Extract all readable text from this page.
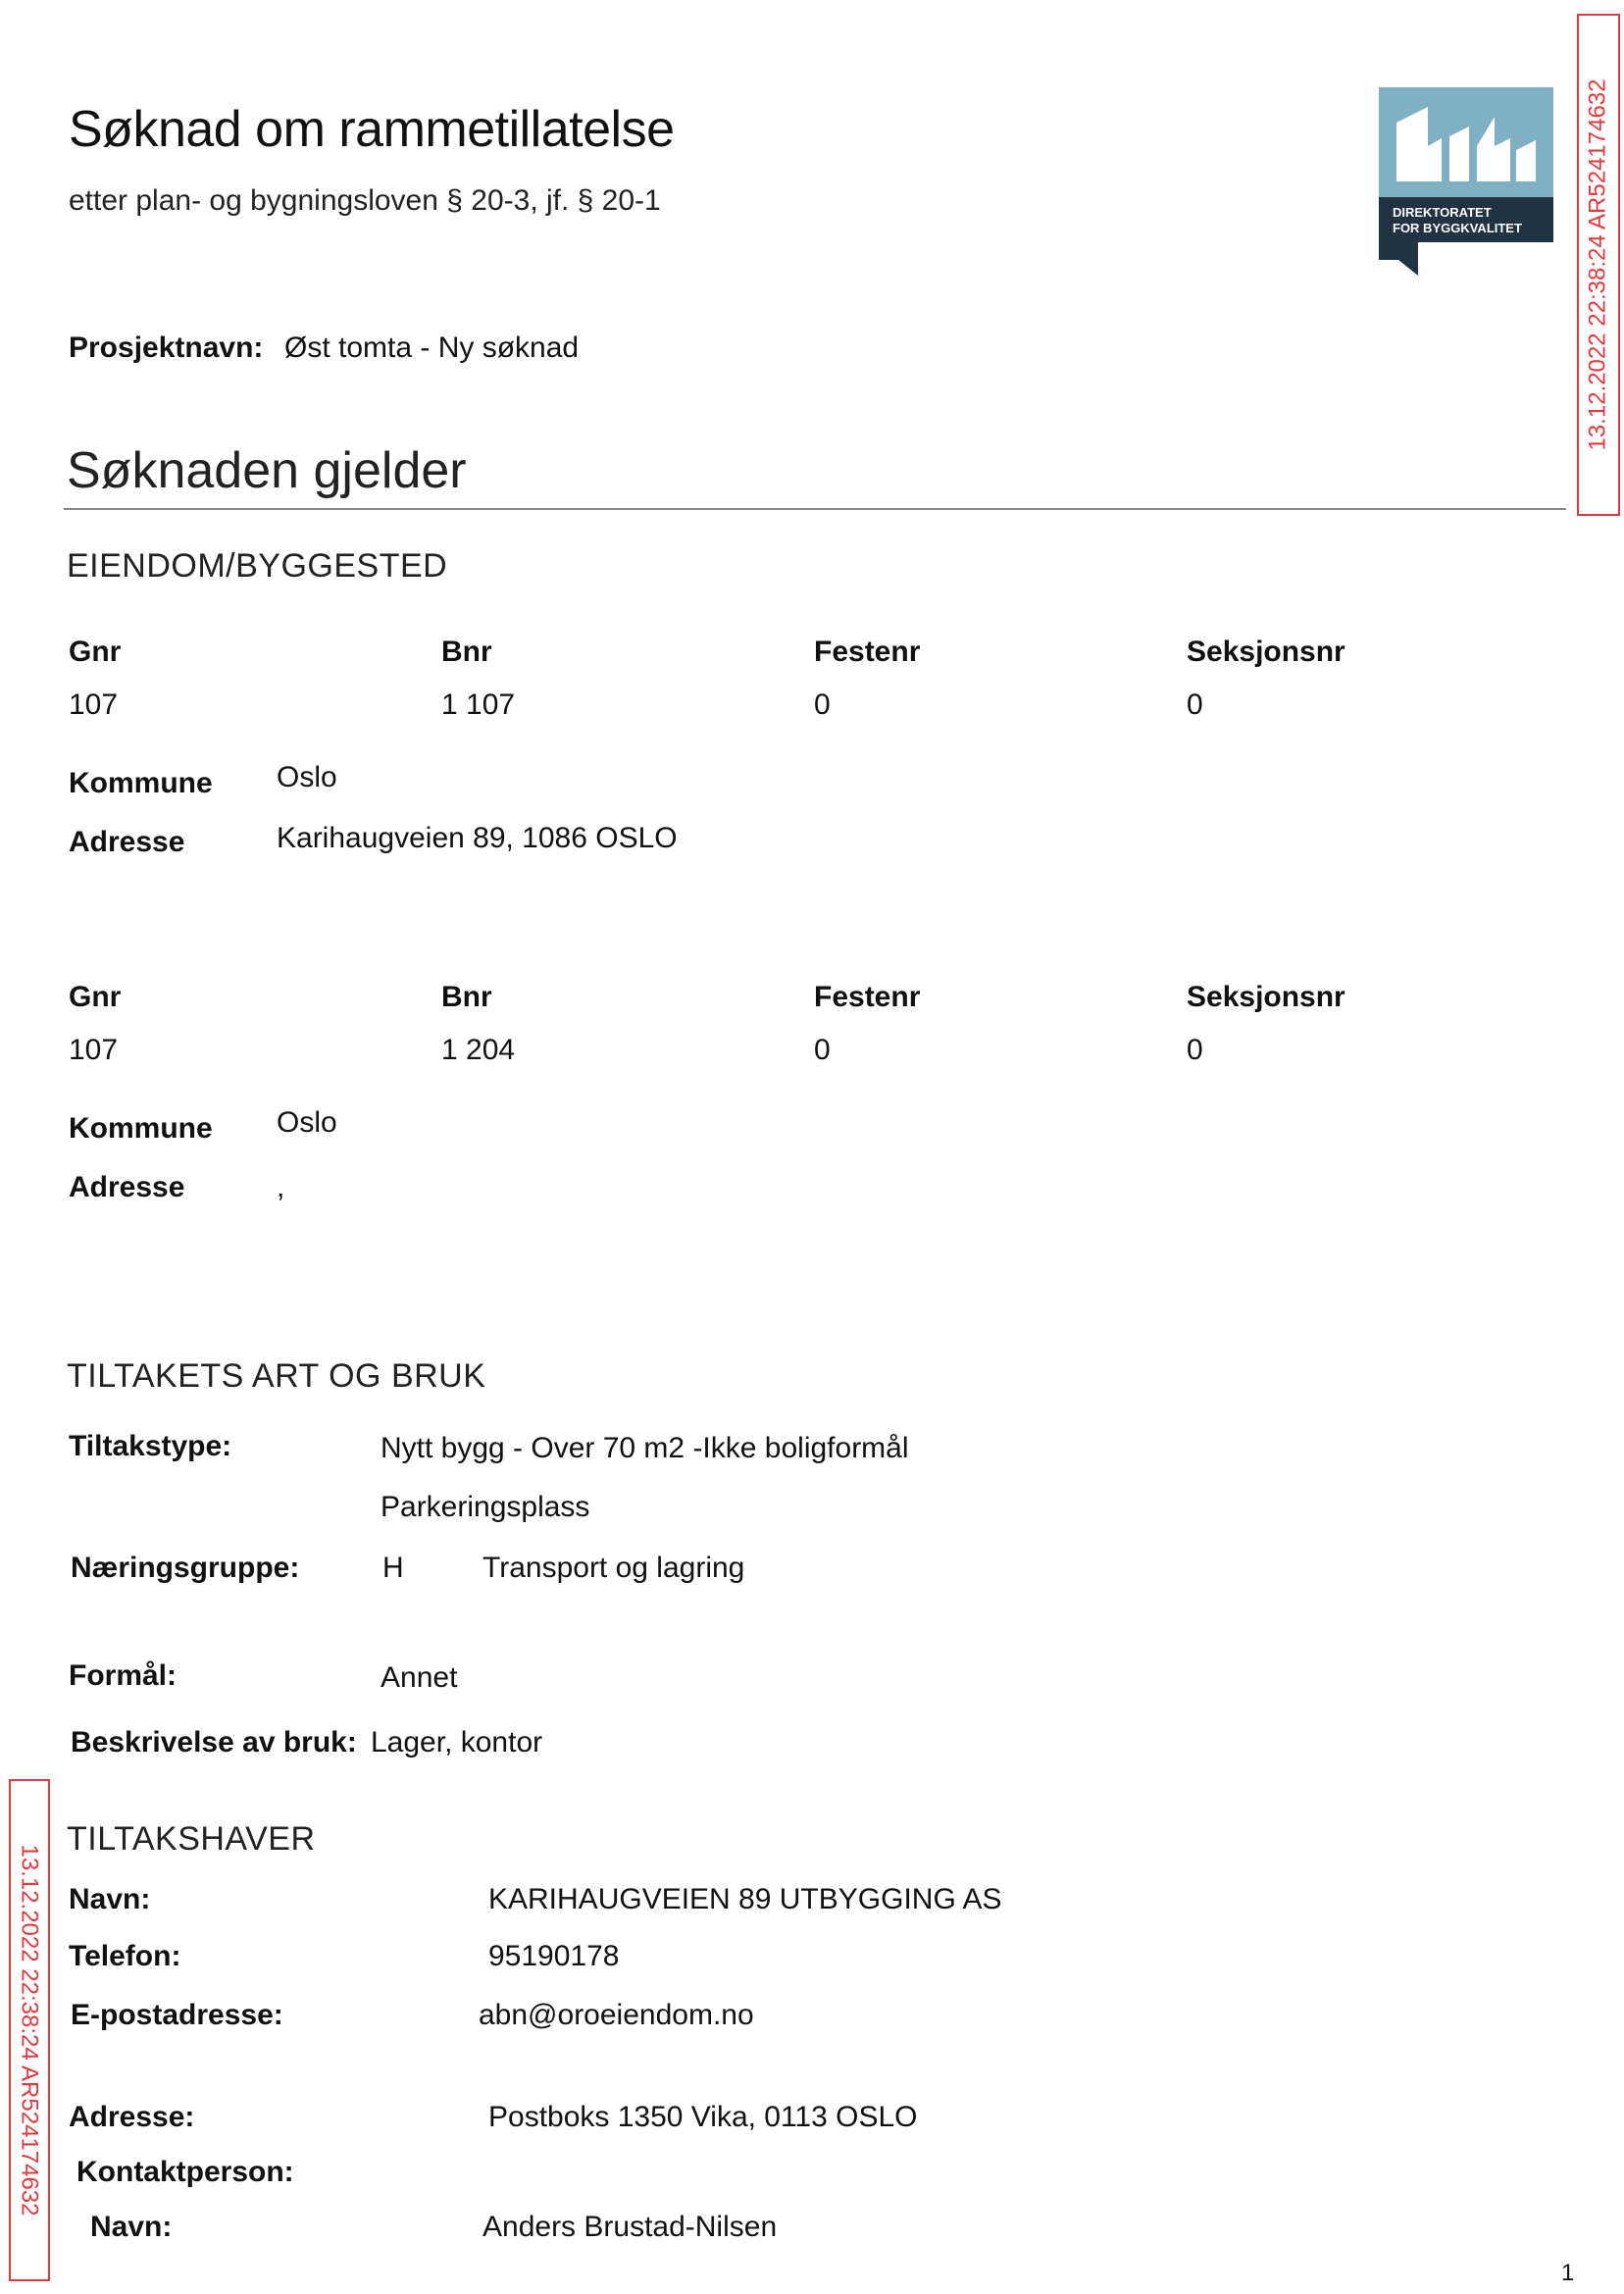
Søknad om rammetillatelse
etter plan- og bygningsloven § 20-3, jf. § 20-1	DIREKTORATET
FOR BYGGKVALITET	13.12.2022 22:38:24 AR524174632
13.12.2022 22:38:24 AR524174632
Prosjektnavn: Øst tomta - Ny søknad
Søknaden gjelder
EIENDOM/BYGGESTED
Gnr	Bnr	Festenr	Seksjonsnr
107	1 107	0	0
Kommune Oslo
Adresse	Karihaugveien 89, 1086 OSLO
Gnr	Bnr	Festenr	Seksjonsnr
107	1 204	0	0
Kommune Oslo
Adresse	,
TILTAKETS ART OG BRUK
Tiltakstype:	Nytt bygg - Over 70 m2 -Ikke boligformål
Parkeringsplass
Næringsgruppe:	H	Transport og lagring
Formål:	Annet
Beskrivelse av bruk: Lager, kontor
TILTAKSHAVER
Navn:	KARIHAUGVEIEN 89 UTBYGGING AS
Telefon:	95190178
E-postadresse:	abn@oroeiendom.no
Adresse:	Postboks 1350 Vika, 0113 OSLO
Kontaktperson:
Navn:	Anders Brustad-Nilsen
1
